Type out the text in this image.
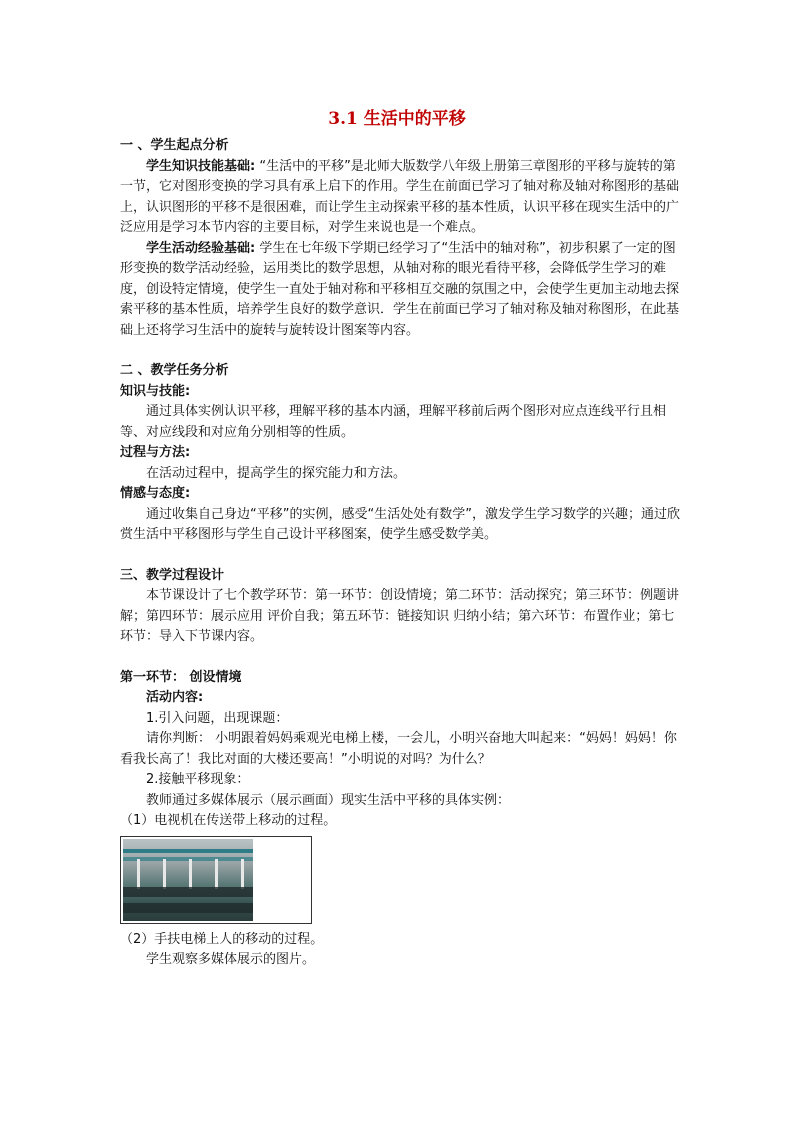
3.1 生活中的平移

一 、学生起点分析

学生知识技能基础: “生活中的平移”是北师大版数学八年级上册第三章图形的平移与旋转的第一节，它对图形变换的学习具有承上启下的作用。学生在前面已学习了轴对称及轴对称图形的基础上，认识图形的平移不是很困难，而让学生主动探索平移的基本性质，认识平移在现实生活中的广泛应用是学习本节内容的主要目标，对学生来说也是一个难点。

学生活动经验基础: 学生在七年级下学期已经学习了“生活中的轴对称”，初步积累了一定的图形变换的数学活动经验，运用类比的数学思想，从轴对称的眼光看待平移，会降低学生学习的难度，创设特定情境，使学生一直处于轴对称和平移相互交融的氛围之中，会使学生更加主动地去探索平移的基本性质，培养学生良好的数学意识．学生在前面已学习了轴对称及轴对称图形，在此基础上还将学习生活中的旋转与旋转设计图案等内容。

二 、教学任务分析

知识与技能:

通过具体实例认识平移，理解平移的基本内涵，理解平移前后两个图形对应点连线平行且相等、对应线段和对应角分别相等的性质。

过程与方法:

在活动过程中，提高学生的探究能力和方法。

情感与态度:

通过收集自己身边“平移”的实例，感受“生活处处有数学”，激发学生学习数学的兴趣；通过欣赏生活中平移图形与学生自己设计平移图案，使学生感受数学美。

三、教学过程设计

本节课设计了七个教学环节：第一环节：创设情境；第二环节：活动探究；第三环节：例题讲解；第四环节：展示应用 评价自我；第五环节：链接知识 归纳小结；第六环节：布置作业；第七环节：导入下节课内容。

第一环节： 创设情境

活动内容:

1.引入问题，出现课题：

请你判断： 小明跟着妈妈乘观光电梯上楼，一会儿，小明兴奋地大叫起来：“妈妈！妈妈！你看我长高了！我比对面的大楼还要高！”小明说的对吗？为什么？

2.接触平移现象：

教师通过多媒体展示（展示画面）现实生活中平移的具体实例：

（1）电视机在传送带上移动的过程。

（2）手扶电梯上人的移动的过程。

学生观察多媒体展示的图片。
